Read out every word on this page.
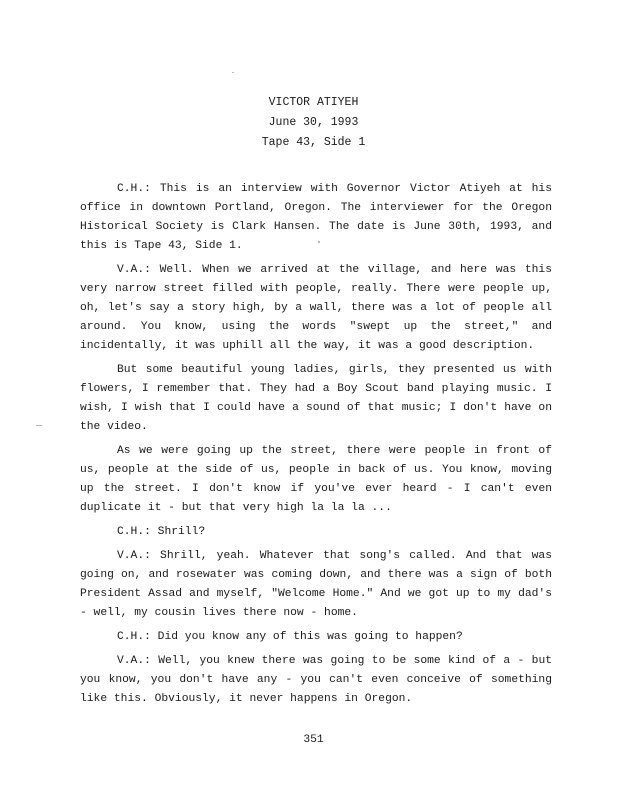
VICTOR ATIYEH
June 30, 1993
Tape 43, Side 1

C.H.: This is an interview with Governor Victor Atiyeh at his office in downtown Portland, Oregon. The interviewer for the Oregon Historical Society is Clark Hansen. The date is June 30th, 1993, and this is Tape 43, Side 1.

V.A.: Well. When we arrived at the village, and here was this very narrow street filled with people, really. There were people up, oh, let's say a story high, by a wall, there was a lot of people all around. You know, using the words "swept up the street," and incidentally, it was uphill all the way, it was a good description.

But some beautiful young ladies, girls, they presented us with flowers, I remember that. They had a Boy Scout band playing music. I wish, I wish that I could have a sound of that music; I don't have on the video.

As we were going up the street, there were people in front of us, people at the side of us, people in back of us. You know, moving up the street. I don't know if you've ever heard - I can't even duplicate it - but that very high la la la ...

C.H.: Shrill?

V.A.: Shrill, yeah. Whatever that song's called. And that was going on, and rosewater was coming down, and there was a sign of both President Assad and myself, "Welcome Home." And we got up to my dad's - well, my cousin lives there now - home.

C.H.: Did you know any of this was going to happen?

V.A.: Well, you knew there was going to be some kind of a - but you know, you don't have any - you can't even conceive of something like this. Obviously, it never happens in Oregon.

351
